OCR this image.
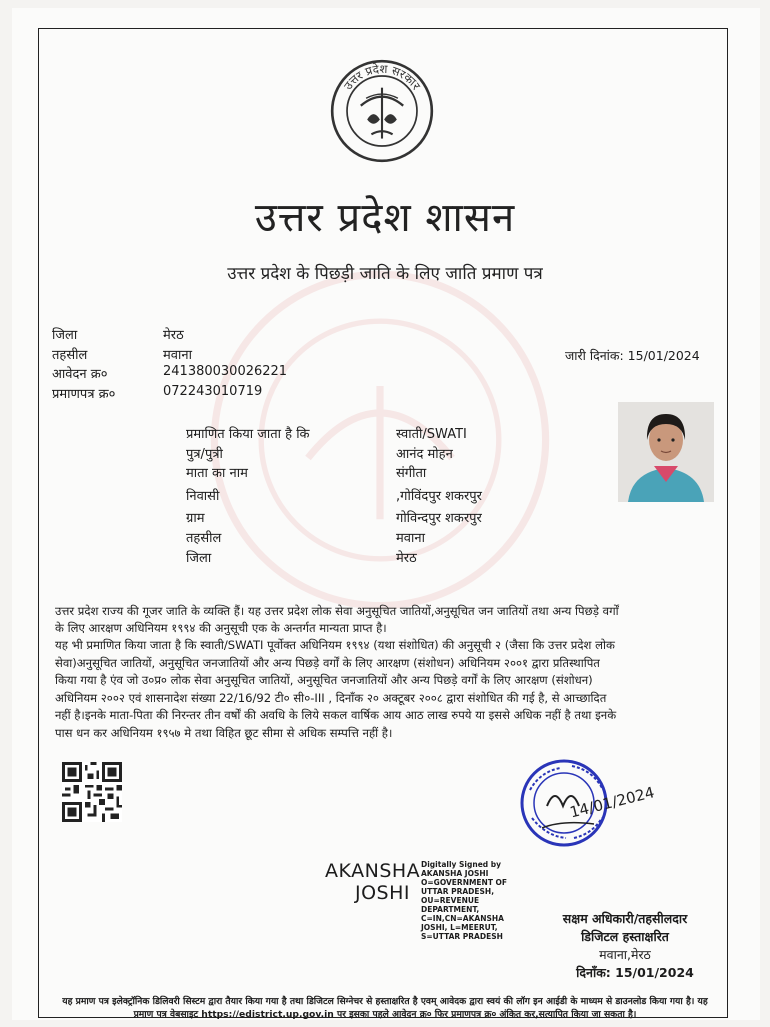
उत्तर प्रदेश सरकार
उत्तर प्रदेश शासन
उत्तर प्रदेश के पिछड़ी जाति के लिए जाति प्रमाण पत्र
जिला	मेरठ
तहसील	मवाना
आवेदन क्र०	241380030026221
प्रमाणपत्र क्र०	072243010719
जारी दिनांक: 15/01/2024
प्रमाणित किया जाता है कि	स्वाती/SWATI
पुत्र/पुत्री	आनंद मोहन
माता का नाम	संगीता
निवासी	,गोविंदपुर शकरपुर
ग्राम	गोविन्दपुर शकरपुर
तहसील	मवाना
जिला	मेरठ
उत्तर प्रदेश राज्य की गूजर जाति के व्यक्ति हैं। यह उत्तर प्रदेश लोक सेवा अनुसूचित जातियों,अनुसूचित जन जातियों तथा अन्य पिछड़े वर्गों
के लिए आरक्षण अधिनियम १९९४ की अनुसूची एक के अन्तर्गत मान्यता प्राप्त है।
यह भी प्रमाणित किया जाता है कि स्वाती/SWATI पूर्वोक्त अधिनियम १९९४ (यथा संशोधित) की अनुसूची २ (जैसा कि उत्तर प्रदेश लोक
सेवा)अनुसूचित जातियों, अनुसूचित जनजातियों और अन्य पिछड़े वर्गों के लिए आरक्षण (संशोधन) अधिनियम २००१ द्वारा प्रतिस्थापित
किया गया है एंव जो उ०प्र० लोक सेवा अनुसूचित जातियों, अनुसूचित जनजातियों और अन्य पिछड़े वर्गों के लिए आरक्षण (संशोधन)
अधिनियम २००२ एवं शासनादेश संख्या 22/16/92 टी० सी०-III , दिनाँक २० अक्टूबर २००८ द्वारा संशोधित की गई है, से आच्छादित
नहीं है।इनके माता-पिता की निरन्तर तीन वर्षों की अवधि के लिये सकल वार्षिक आय आठ लाख रुपये या इससे अधिक नहीं है तथा इनके
पास धन कर अधिनियम १९५७ मे तथा विहित छूट सीमा से अधिक सम्पत्ति नहीं है।
14/01/2024
AKANSHA
JOSHI
Digitally Signed by
AKANSHA JOSHI
O=GOVERNMENT OF
UTTAR PRADESH,
OU=REVENUE
DEPARTMENT,
C=IN,CN=AKANSHA
JOSHI, L=MEERUT,
S=UTTAR PRADESH
सक्षम अधिकारी/तहसीलदार
डिजिटल हस्ताक्षरित
मवाना,मेरठ
दिनाँक: 15/01/2024
यह प्रमाण पत्र इलेक्ट्रॉनिक डिलिवरी सिस्टम द्वारा तैयार किया गया है तथा डिजिटल सिग्नेचर से हस्ताक्षरित है एवम् आवेदक द्वारा स्वयं की लॉग इन आईडी के माध्यम से डाउनलोड किया गया है। यह प्रमाण पत्र वेबसाइट https://edistrict.up.gov.in पर इसका पहले आवेदन क्र० फिर प्रमाणपत्र क्र० अंकित कर,सत्यापित किया जा सकता है।
